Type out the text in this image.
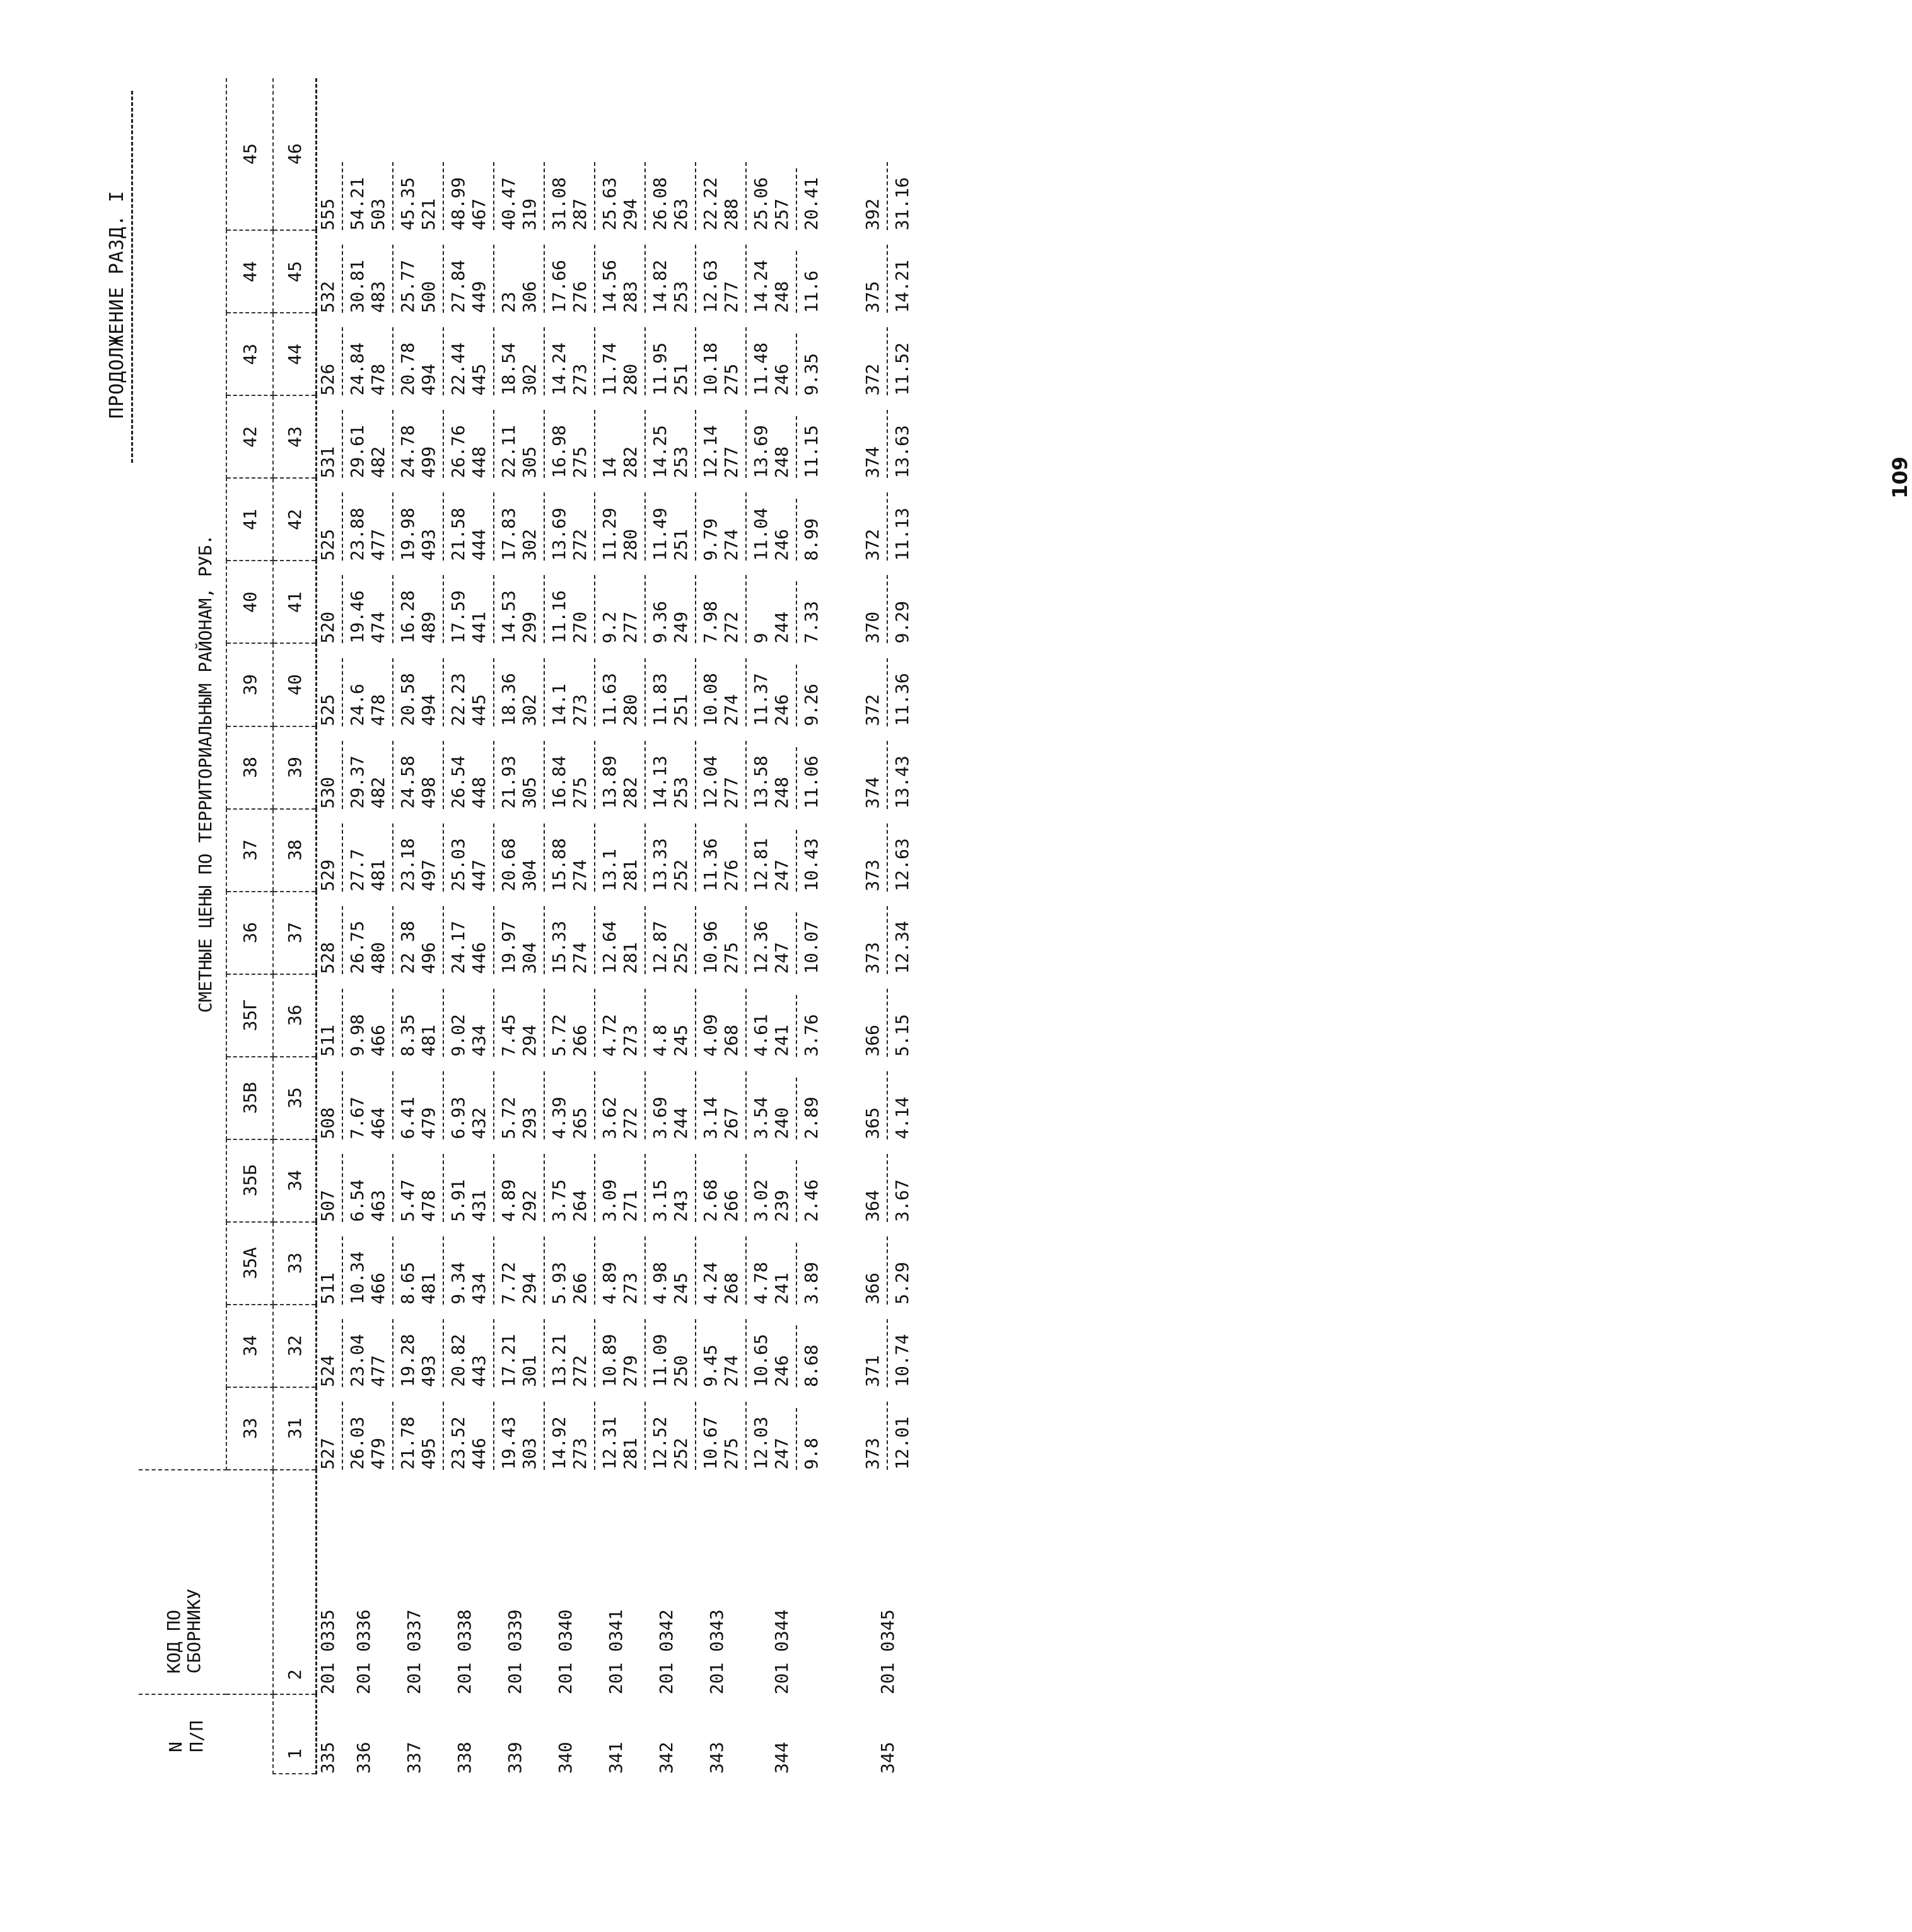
ПРОДОЛЖЕНИЕ РАЗД. I
N
П/П	КОД ПО
СБОРНИКУ	СМЕТНЫЕ ЦЕНЫ ПО ТЕРРИТОРИАЛЬНЫМ РАЙОНАМ, РУБ.															
		33	34	35А	35Б	35В	35Г	36	37	38	39	40	41	42	43	44	45
1	2	31	32	33	34	35	36	37	38	39	40	41	42	43	44	45	46
335	201 0335	527	524	511	507	508	511	528	529	530	525	520	525	531	526	532	555

336	201 0336	26.03 479	23.04 477	10.34 466	6.54 463	7.67 464	9.98 466	26.75 480	27.7 481	29.37 482	24.6 478	19.46 474	23.88 477	29.61 482	24.84 478	30.81 483	54.21 503

337	201 0337	21.78 495	19.28 493	8.65 481	5.47 478	6.41 479	8.35 481	22 38 496	23.18 497	24.58 498	20.58 494	16.28 489	19.98 493	24.78 499	20.78 494	25.77 500	45.35 521

338	201 0338	23.52 446	20.82 443	9.34 434	5.91 431	6.93 432	9.02 434	24.17 446	25.03 447	26.54 448	22.23 445	17.59 441	21.58 444	26.76 448	22.44 445	27.84 449	48.99 467

339	201 0339	19.43 303	17.21 301	7.72 294	4.89 292	5.72 293	7.45 294	19.97 304	20.68 304	21.93 305	18.36 302	14.53 299	17.83 302	22.11 305	18.54 302	23 306	40.47 319

340	201 0340	14.92 273	13.21 272	5.93 266	3.75 264	4.39 265	5.72 266	15.33 274	15.88 274	16.84 275	14.1 273	11.16 270	13.69 272	16.98 275	14.24 273	17.66 276	31.08 287

341	201 0341	12.31 281	10.89 279	4.89 273	3.09 271	3.62 272	4.72 273	12.64 281	13.1 281	13.89 282	11.63 280	9.2 277	11.29 280	14 282	11.74 280	14.56 283	25.63 294

342	201 0342	12.52 252	11.09 250	4.98 245	3.15 243	3.69 244	4.8 245	12.87 252	13.33 252	14.13 253	11.83 251	9.36 249	11.49 251	14.25 253	11.95 251	14.82 253	26.08 263

343	201 0343	10.67 275	9.45 274	4.24 268	2.68 266	3.14 267	4.09 268	10.96 275	11.36 276	12.04 277	10.08 274	7.98 272	9.79 274	12.14 277	10.18 275	12.63 277	22.22 288

344	201 0344	12.03 247 9.8	10.65 246 8.68	4.78 241 3.89	3.02 239 2.46	3.54 240 2.89	4.61 241 3.76	12.36 247 10.07	12.81 247 10.43	13.58 248 11.06	11.37 246 9.26	9 244 7.33	11.04 246 8.99	13.69 248 11.15	11.48 246 9.35	14.24 248 11.6	25.06 257 20.41

345	201 0345	373 12.01	371 10.74	366 5.29	364 3.67	365 4.14	366 5.15	373 12.34	373 12.63	374 13.43	372 11.36	370 9.29	372 11.13	374 13.63	372 11.52	375 14.21	392 31.16
109
